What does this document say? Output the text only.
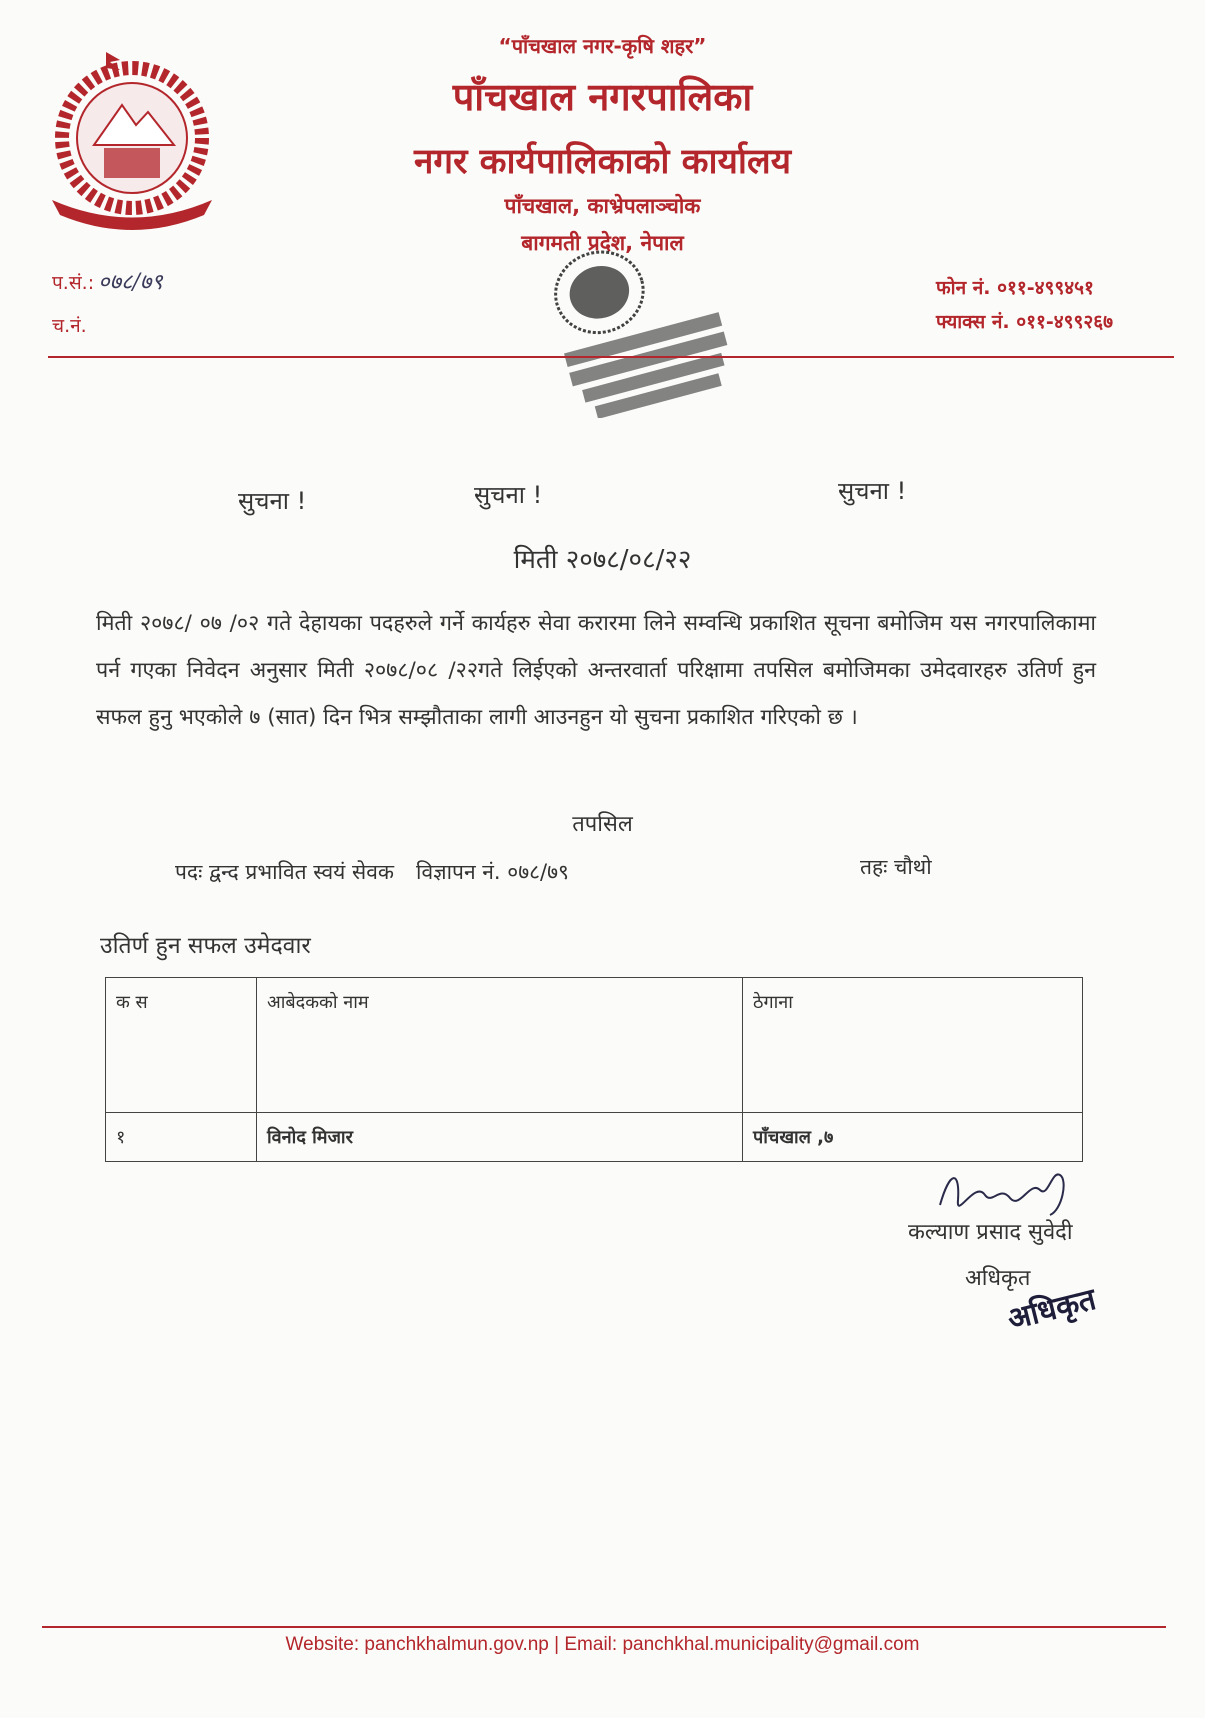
“पाँचखाल नगर-कृषि शहर”
पाँचखाल नगरपालिका
नगर कार्यपालिकाको कार्यालय
पाँचखाल, काभ्रेपलाञ्चोक
बागमती प्रदेश, नेपाल
प.सं.: ०७८/७९
च.नं.
फोन नं. ०११-४९९४५१
फ्याक्स नं. ०११-४९९२६७
सुचना !	सुचना !	सुचना !
मिती २०७८/०८/२२
मिती २०७८/ ०७ /०२ गते देहायका पदहरुले गर्ने कार्यहरु सेवा करारमा लिने सम्वन्धि प्रकाशित सूचना बमोजिम यस नगरपालिकामा पर्न गएका निवेदन अनुसार मिती २०७८/०८ /२२गते लिईएको अन्तरवार्ता परिक्षामा तपसिल बमोजिमका उमेदवारहरु उतिर्ण हुन सफल हुनु भएकोले ७ (सात) दिन भित्र सम्झौताका लागी आउनहुन यो सुचना प्रकाशित गरिएको छ ।
तपसिल
पदः द्वन्द प्रभावित स्वयं सेवक विज्ञापन नं. ०७८/७९	तहः चौथो
उतिर्ण हुन सफल उमेदवार
क स	आबेदकको नाम	ठेगाना
१	विनोद मिजार	पाँचखाल ,७
कल्याण प्रसाद सुवेदी
अधिकृत
अधिकृत
Website: panchkhalmun.gov.np | Email: panchkhal.municipality@gmail.com
